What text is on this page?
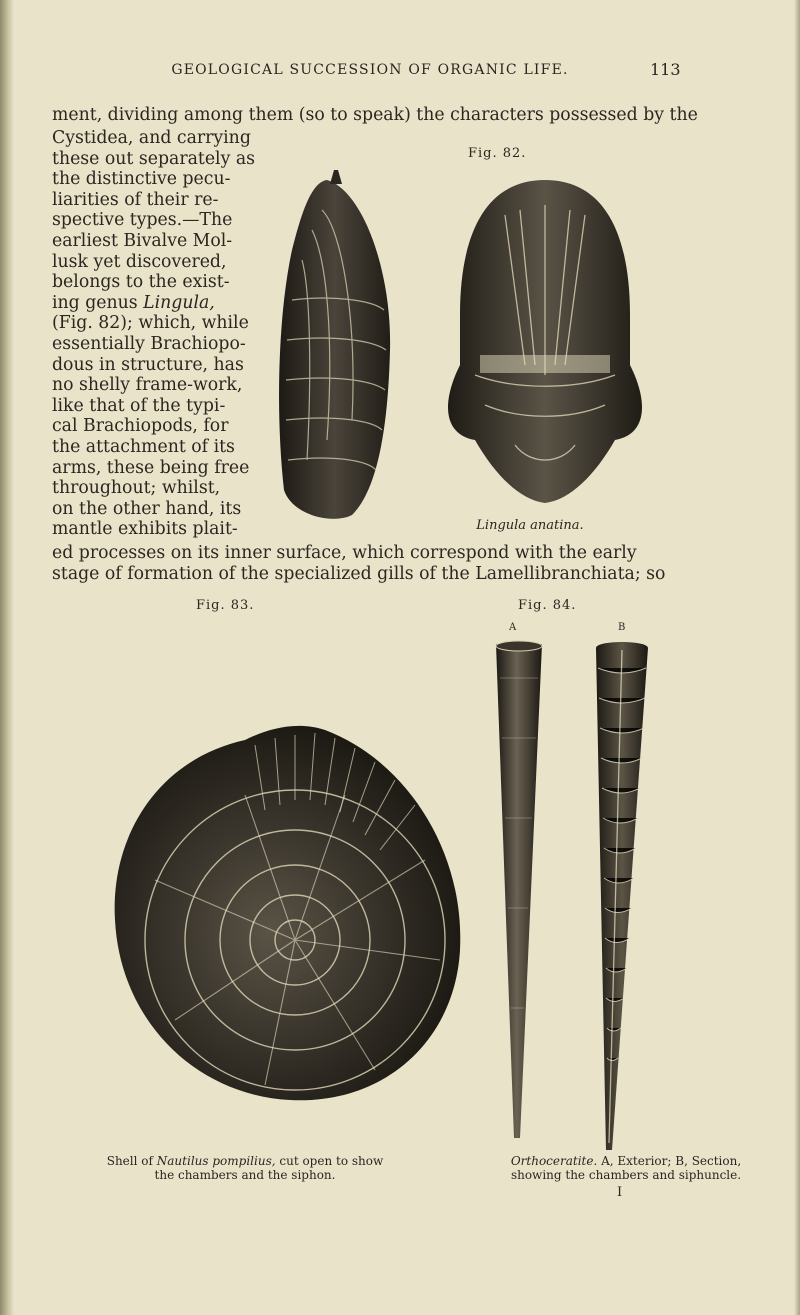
GEOLOGICAL SUCCESSION OF ORGANIC LIFE.	113
ment, dividing among them (so to speak) the characters possessed by the
Cystidea, and carrying
these out separately as
the distinctive pecu-
liarities of their re-
spective types.—The
earliest Bivalve Mol-
lusk yet discovered,
belongs to the exist-
ing genus Lingula,
(Fig. 82); which, while
essentially Brachiopo-
dous in structure, has
no shelly frame-work,
like that of the typi-
cal Brachiopods, for
the attachment of its
arms, these being free
throughout; whilst,
on the other hand, its
mantle exhibits plait-
ed processes on its inner surface, which correspond with the early
stage of formation of the specialized gills of the Lamellibranchiata; so
Fig. 82.
Lingula anatina.
Fig. 83.
Shell of Nautilus pompilius, cut open to show
the chambers and the siphon.
Fig. 84.
A	B
Orthoceratite. A, Exterior; B, Section,
showing the chambers and siphuncle.
I
